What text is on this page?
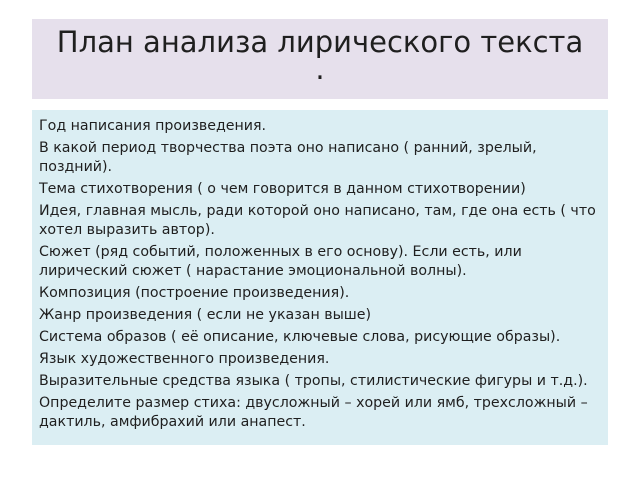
План анализа лирического текста
.

Год написания произведения.

В какой период творчества поэта оно написано ( ранний, зрелый, поздний).

Тема стихотворения ( о чем говорится в данном стихотворении)

Идея, главная мысль, ради которой оно написано, там, где она есть ( что хотел выразить автор).

Сюжет (ряд событий, положенных в его основу). Если есть, или лирический сюжет ( нарастание эмоциональной волны).

Композиция (построение произведения).

Жанр произведения ( если не указан выше)

Система образов ( её описание, ключевые слова, рисующие образы).

Язык художественного произведения.

Выразительные средства языка ( тропы, стилистические фигуры и т.д.).

Определите размер стиха: двусложный – хорей или ямб, трехсложный – дактиль, амфибрахий или анапест.
